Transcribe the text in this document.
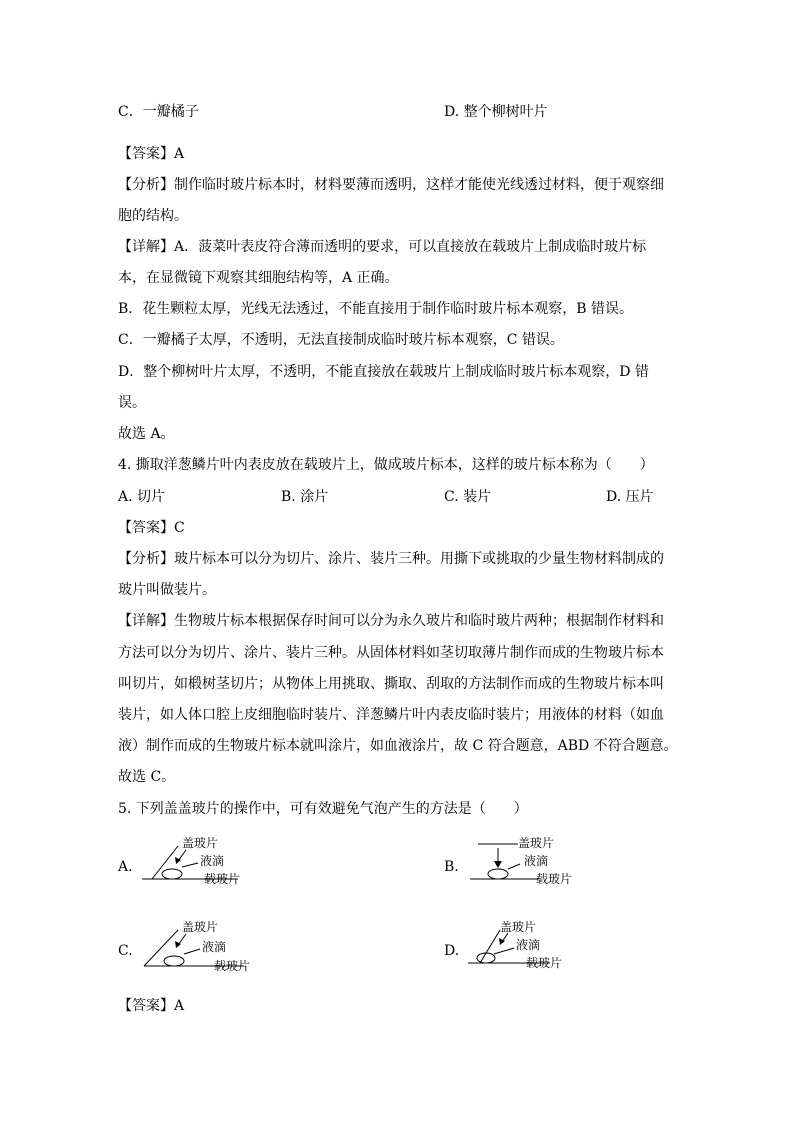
C．一瓣橘子	D. 整个柳树叶片
【答案】A
【分析】制作临时玻片标本时，材料要薄而透明，这样才能使光线透过材料，便于观察细
胞的结构。
【详解】A．菠菜叶表皮符合薄而透明的要求，可以直接放在载玻片上制成临时玻片标
本，在显微镜下观察其细胞结构等，A 正确。
B．花生颗粒太厚，光线无法透过，不能直接用于制作临时玻片标本观察，B 错误。
C．一瓣橘子太厚，不透明，无法直接制成临时玻片标本观察，C 错误。
D．整个柳树叶片太厚，不透明，不能直接放在载玻片上制成临时玻片标本观察，D 错
误。
故选 A。
4. 撕取洋葱鳞片叶内表皮放在载玻片上，做成玻片标本，这样的玻片标本称为（　　）
A. 切片	B. 涂片	C. 装片	D. 压片
【答案】C
【分析】玻片标本可以分为切片、涂片、装片三种。用撕下或挑取的少量生物材料制成的
玻片叫做装片。
【详解】生物玻片标本根据保存时间可以分为永久玻片和临时玻片两种；根据制作材料和
方法可以分为切片、涂片、装片三种。从固体材料如茎切取薄片制作而成的生物玻片标本
叫切片，如椴树茎切片；从物体上用挑取、撕取、刮取的方法制作而成的生物玻片标本叫
装片，如人体口腔上皮细胞临时装片、洋葱鳞片叶内表皮临时装片；用液体的材料（如血
液）制作而成的生物玻片标本就叫涂片，如血液涂片，故 C 符合题意，ABD 不符合题意。
故选 C。
5. 下列盖盖玻片的操作中，可有效避免气泡产生的方法是（　　）
A.
盖玻片
液滴
载玻片
B.
盖玻片
液滴
载玻片
C.
盖玻片
液滴
载玻片
D.
盖玻片
液滴
载玻片
【答案】A
